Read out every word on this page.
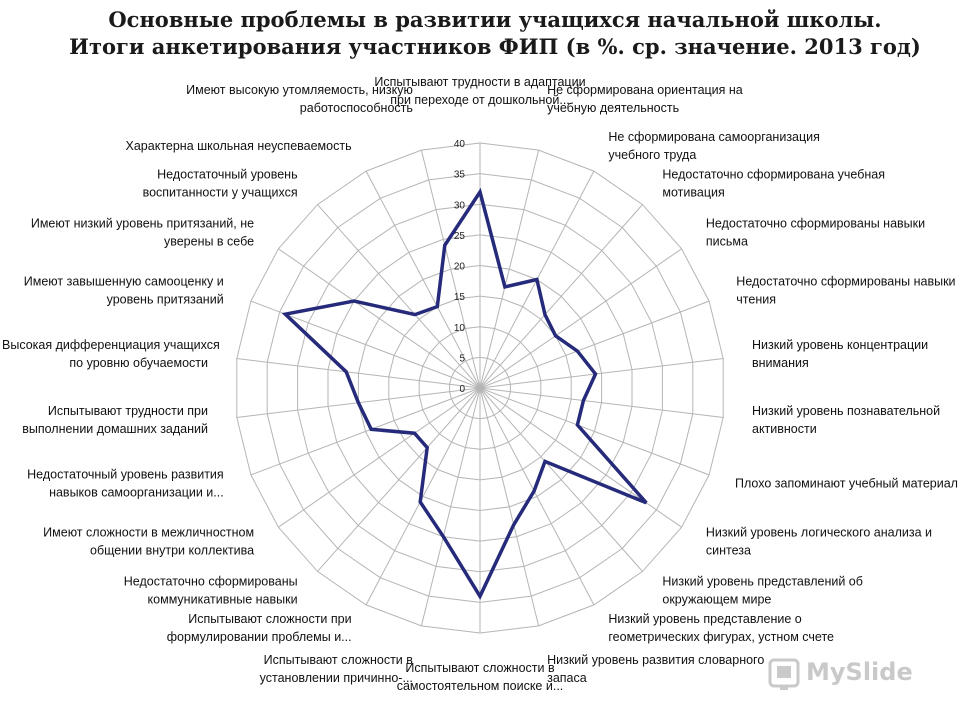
Основные проблемы в развитии учащихся начальной школы.
Итоги анкетирования участников ФИП (в %. ср. значение. 2013 год)
0
5
10
15
20
25
30
35
40
Испытывают трудности в адаптации
при переходе от дошкольной...
Не сформирована ориентация на
учебную деятельность
Не сформирована самоорганизация
учебного труда
Недостаточно сформирована учебная
мотивация
Недостаточно сформированы навыки
письма
Недостаточно сформированы навыки
чтения
Низкий уровень концентрации
внимания
Низкий уровень познавательной
активности
Плохо запоминают учебный материал
Низкий уровень логического анализа и
синтеза
Низкий уровень представлений об
окружающем мире
Низкий уровень представление о
геометрических фигурах, устном счете
Низкий уровень развития словарного
запаса
Испытывают сложности в
самостоятельном поиске и...
Испытывают сложности в
установлении причинно-...
Испытывают сложности при
формулировании проблемы и...
Недостаточно сформированы
коммуникативные навыки
Имеют сложности в межличностном
общении внутри коллектива
Недостаточный уровень развития
навыков самоорганизации и...
Испытывают трудности при
выполнении домашних заданий
Высокая дифференциация учащихся
по уровню обучаемости
Имеют завышенную самооценку и
уровень притязаний
Имеют низкий уровень притязаний, не
уверены в себе
Недостаточный уровень
воспитанности у учащихся
Характерна школьная неуспеваемость
Имеют высокую утомляемость, низкую
работоспособность
MySlide
